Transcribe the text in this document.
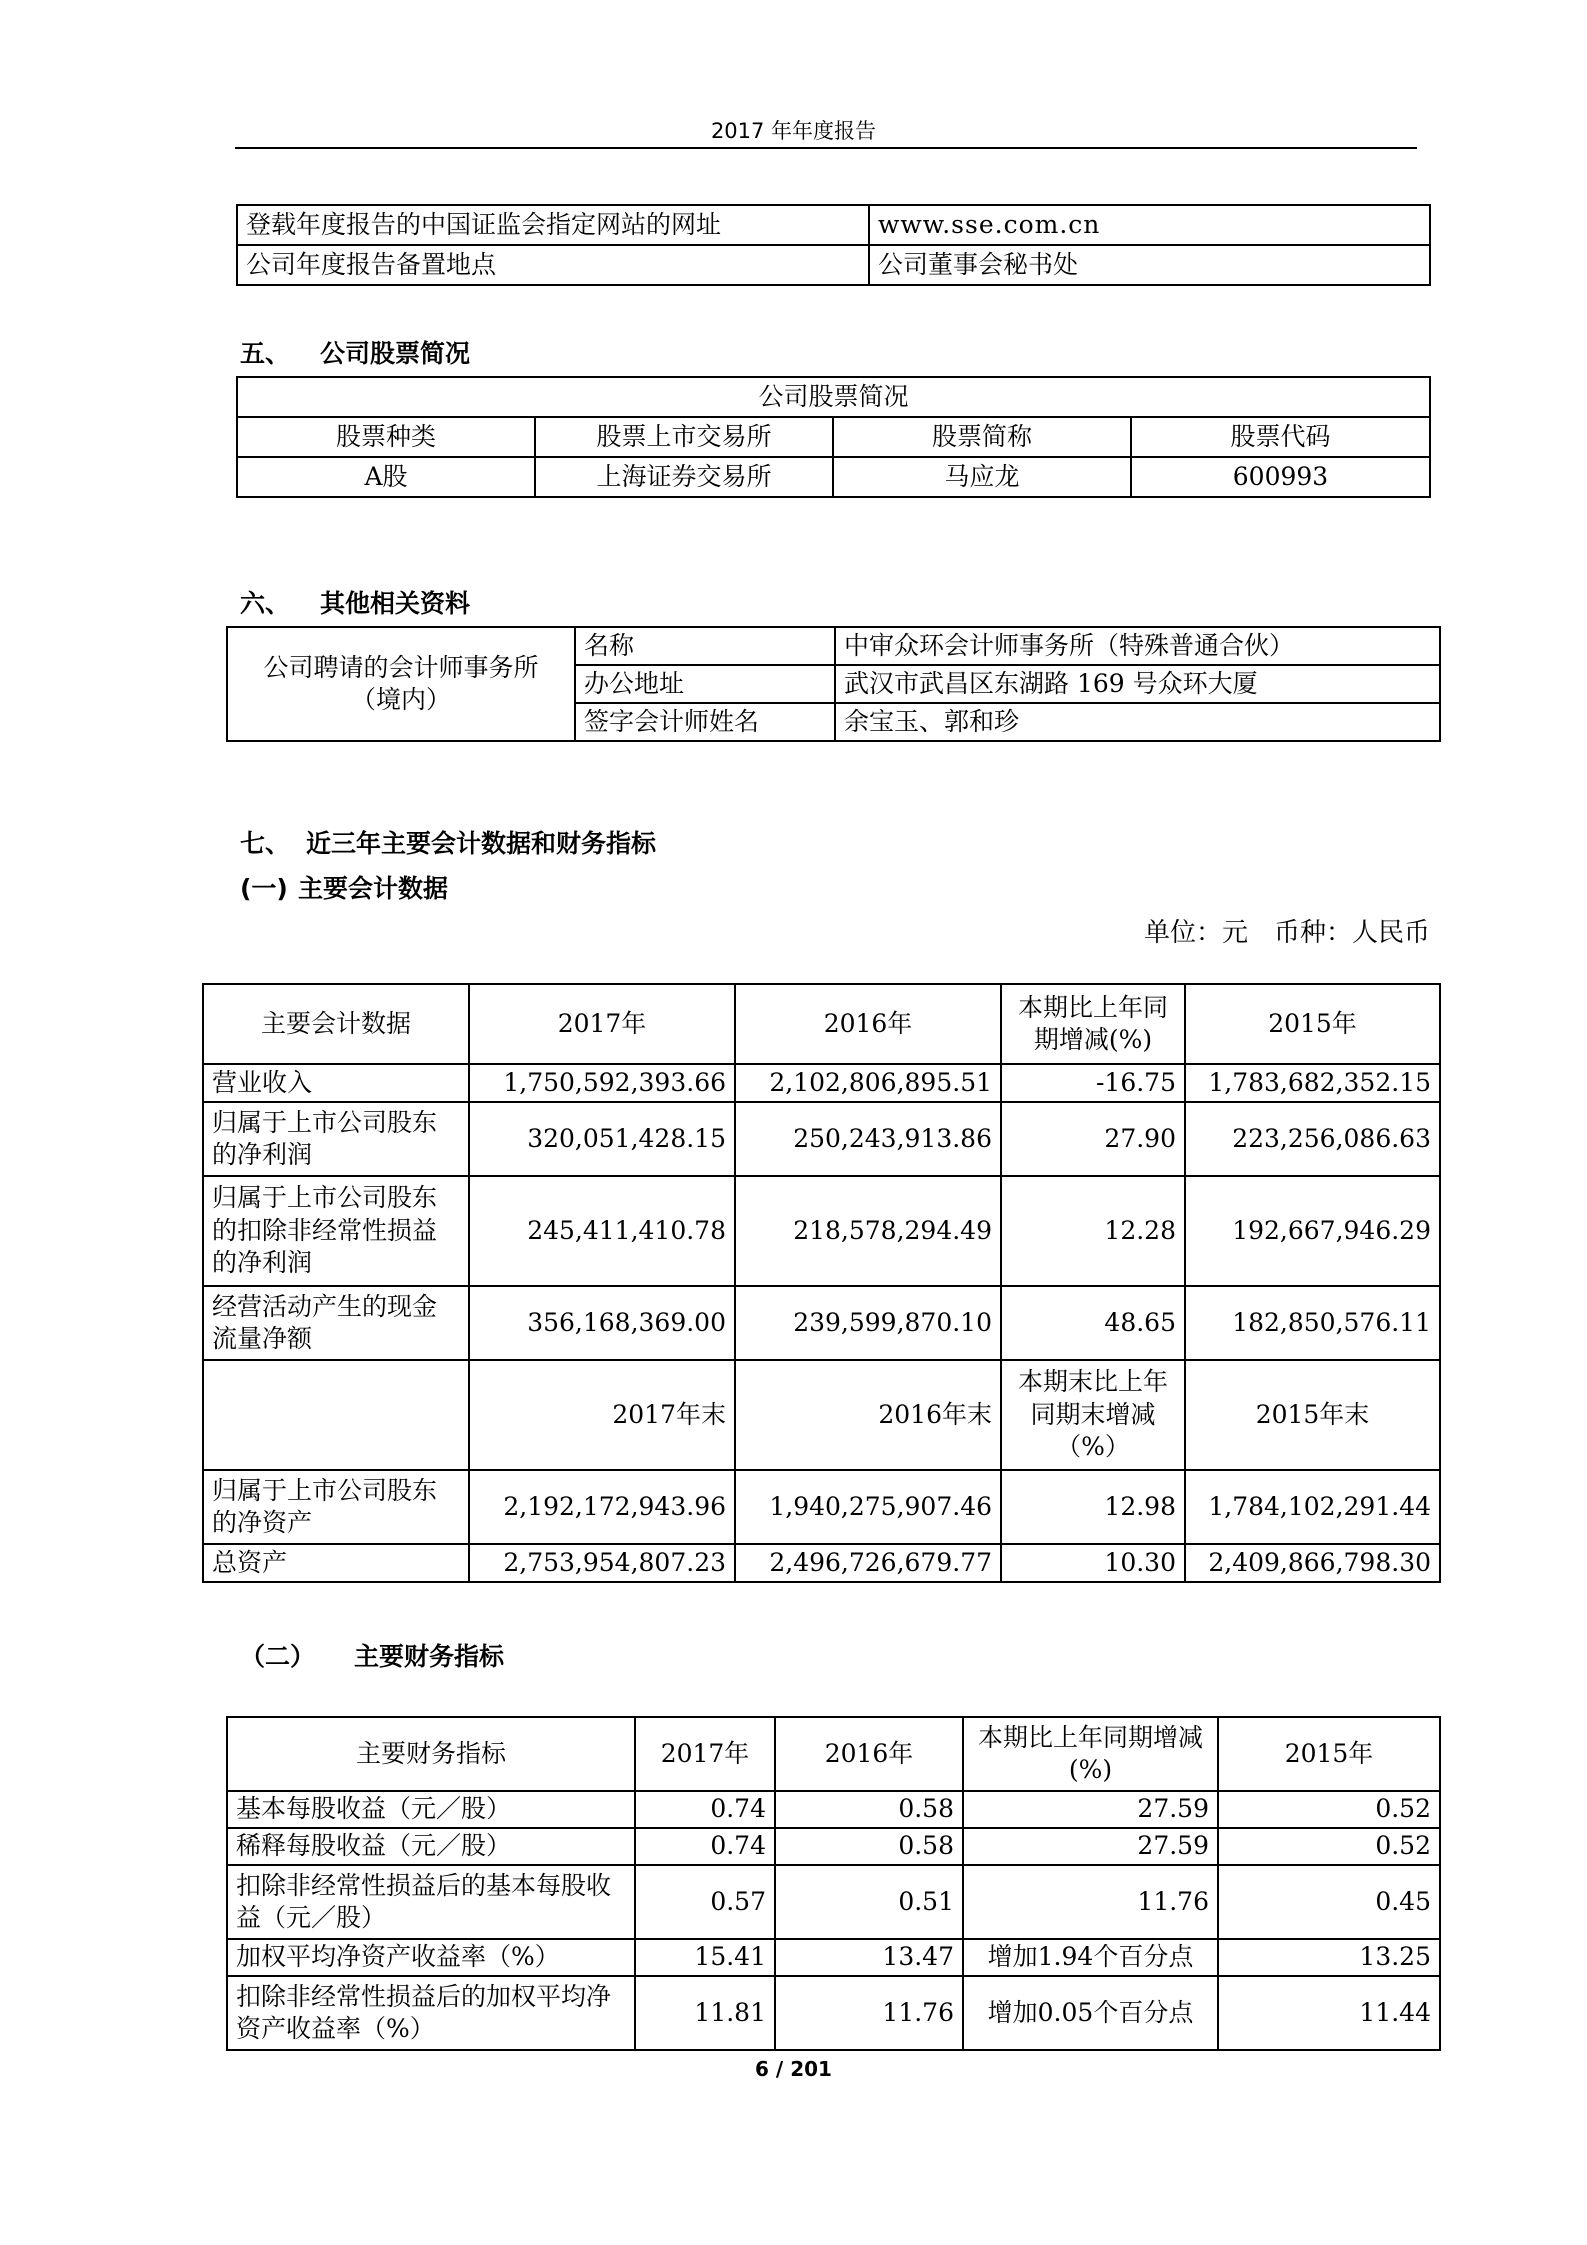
2017 年年度报告
登载年度报告的中国证监会指定网站的网址	www.sse.com.cn
公司年度报告备置地点	公司董事会秘书处
五、 公司股票简况
公司股票简况			
股票种类	股票上市交易所	股票简称	股票代码
A股	上海证券交易所	马应龙	600993
六、 其他相关资料
公司聘请的会计师事务所
（境内）	名称	中审众环会计师事务所（特殊普通合伙）
	办公地址	武汉市武昌区东湖路 169 号众环大厦
	签字会计师姓名	余宝玉、郭和珍
七、 近三年主要会计数据和财务指标
(一) 主要会计数据
单位：元　币种：人民币
主要会计数据	2017年	2016年	本期比上年同期增减(%)	2015年
营业收入	1,750,592,393.66	2,102,806,895.51	-16.75	1,783,682,352.15
归属于上市公司股东的净利润	320,051,428.15	250,243,913.86	27.90	223,256,086.63
归属于上市公司股东的扣除非经常性损益的净利润	245,411,410.78	218,578,294.49	12.28	192,667,946.29
经营活动产生的现金流量净额	356,168,369.00	239,599,870.10	48.65	182,850,576.11
	2017年末	2016年末	本期末比上年同期末增减（%）	2015年末
归属于上市公司股东的净资产	2,192,172,943.96	1,940,275,907.46	12.98	1,784,102,291.44
总资产	2,753,954,807.23	2,496,726,679.77	10.30	2,409,866,798.30
（二） 主要财务指标
主要财务指标	2017年	2016年	本期比上年同期增减(%)	2015年
基本每股收益（元／股）	0.74	0.58	27.59	0.52
稀释每股收益（元／股）	0.74	0.58	27.59	0.52
扣除非经常性损益后的基本每股收益（元／股）	0.57	0.51	11.76	0.45
加权平均净资产收益率（%）	15.41	13.47	增加1.94个百分点	13.25
扣除非经常性损益后的加权平均净资产收益率（%）	11.81	11.76	增加0.05个百分点	11.44
6 / 201
